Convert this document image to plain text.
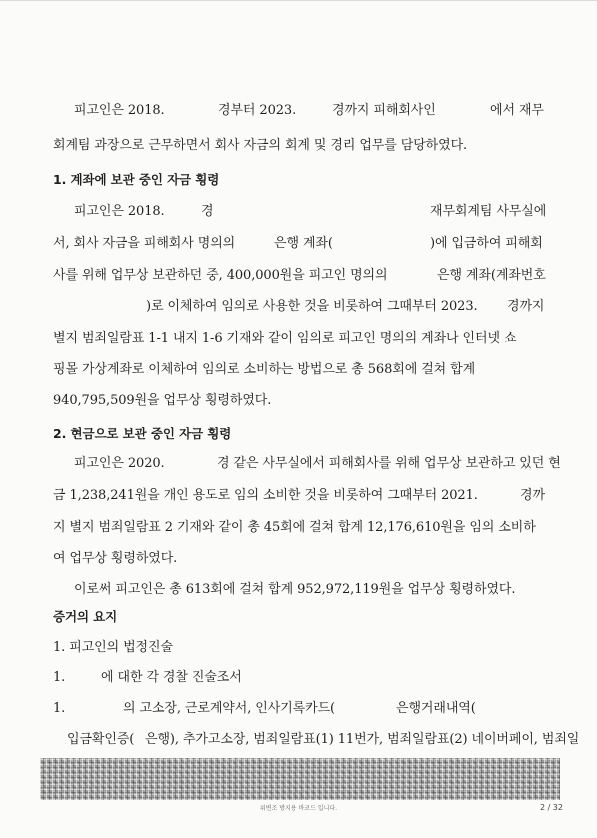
피고인은 2018.	경부터 2023.	경까지 피해회사인	에서 재무

회계팀 과장으로 근무하면서 회사 자금의 회계 및 경리 업무를 담당하였다.

1. 계좌에 보관 중인 자금 횡령

피고인은 2018.	경	재무회계팀 사무실에

서, 회사 자금을 피해회사 명의의	은행 계좌(	)에 입금하여 피해회

사를 위해 업무상 보관하던 중, 400,000원을 피고인 명의의	은행 계좌(계좌번호

)로 이체하여 임의로 사용한 것을 비롯하여 그때부터 2023. 경까지

별지 범죄일람표 1-1 내지 1-6 기재와 같이 임의로 피고인 명의의 계좌나 인터넷 쇼

핑몰 가상계좌로 이체하여 임의로 소비하는 방법으로 총 568회에 걸쳐 합계

940,795,509원을 업무상 횡령하였다.

2. 현금으로 보관 중인 자금 횡령

피고인은 2020.	경 같은 사무실에서 피해회사를 위해 업무상 보관하고 있던 현

금 1,238,241원을 개인 용도로 임의 소비한 것을 비롯하여 그때부터 2021.	경까

지 별지 범죄일람표 2 기재와 같이 총 45회에 걸쳐 합계 12,176,610원을 임의 소비하

여 업무상 횡령하였다.

이로써 피고인은 총 613회에 걸쳐 합계 952,972,119원을 업무상 횡령하였다.

증거의 요지

1. 피고인의 법정진술

1.	에 대한 각 경찰 진술조서

1.	의 고소장, 근로계약서, 인사기록카드(	은행거래내역(

입금확인증( 은행), 추가고소장, 범죄일람표(1) 11번가, 범죄일람표(2) 네이버페이, 범죄일

위변조 방지용 바코드 입니다.	2 / 32
